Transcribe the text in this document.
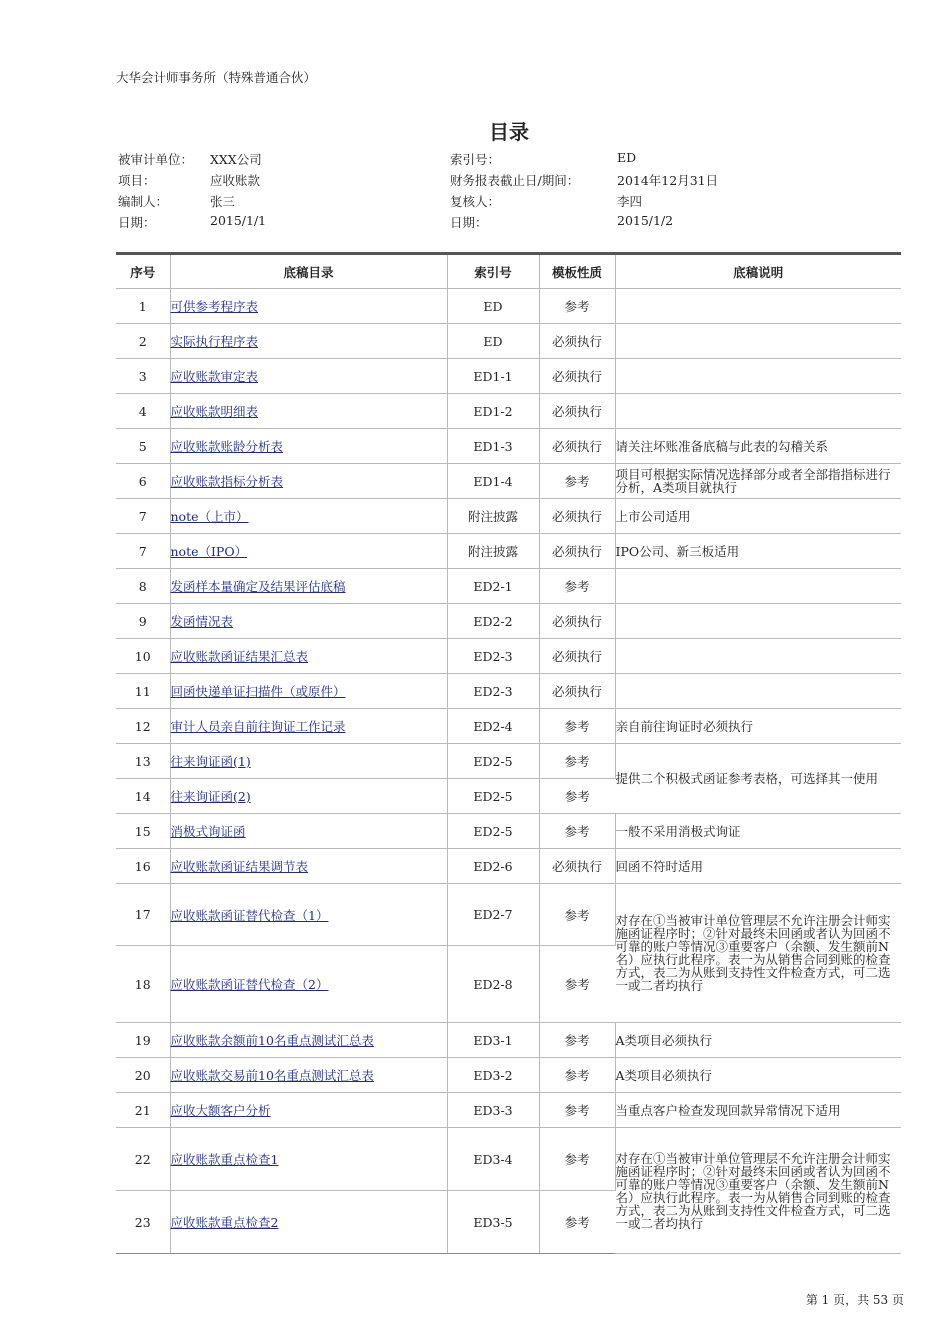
大华会计师事务所（特殊普通合伙）
目录
被审计单位： XXX公司	索引号：	ED
项目：	应收账款	财务报表截止日/期间：	2014年12月31日
编制人：	张三	复核人：	李四
日期：	2015/1/1	日期：	2015/1/2
序号	底稿目录	索引号	模板性质	底稿说明
1	可供参考程序表	ED	参考	
2	实际执行程序表	ED	必须执行	
3	应收账款审定表	ED1-1	必须执行	
4	应收账款明细表	ED1-2	必须执行	
5	应收账款账龄分析表	ED1-3	必须执行	请关注坏账准备底稿与此表的勾稽关系
6	应收账款指标分析表	ED1-4	参考	项目可根据实际情况选择部分或者全部指指标进行分析，A类项目就执行
7	note（上市）	附注披露	必须执行	上市公司适用
7	note（IPO）	附注披露	必须执行	IPO公司、新三板适用
8	发函样本量确定及结果评估底稿	ED2-1	参考	
9	发函情况表	ED2-2	必须执行	
10	应收账款函证结果汇总表	ED2-3	必须执行	
11	回函快递单证扫描件（或原件）	ED2-3	必须执行	
12	审计人员亲自前往询证工作记录	ED2-4	参考	亲自前往询证时必须执行
13	往来询证函(1)	ED2-5	参考	提供二个积极式函证参考表格，可选择其一使用
14	往来询证函(2)	ED2-5	参考	
15	消极式询证函	ED2-5	参考	一般不采用消极式询证
16	应收账款函证结果调节表	ED2-6	必须执行	回函不符时适用
17	应收账款函证替代检查（1）	ED2-7	参考	对存在①当被审计单位管理层不允许注册会计师实施函证程序时；②针对最终未回函或者认为回函不可靠的账户等情况③重要客户（余额、发生额前N名）应执行此程序。表一为从销售合同到账的检查方式，表二为从账到支持性文件检查方式，可二选一或二者均执行
18	应收账款函证替代检查（2）	ED2-8	参考	
19	应收账款余额前10名重点测试汇总表	ED3-1	参考	A类项目必须执行
20	应收账款交易前10名重点测试汇总表	ED3-2	参考	A类项目必须执行
21	应收大额客户分析	ED3-3	参考	当重点客户检查发现回款异常情况下适用
22	应收账款重点检查1	ED3-4	参考	对存在①当被审计单位管理层不允许注册会计师实施函证程序时；②针对最终未回函或者认为回函不可靠的账户等情况③重要客户（余额、发生额前N名）应执行此程序。表一为从销售合同到账的检查方式，表二为从账到支持性文件检查方式，可二选一或二者均执行
23	应收账款重点检查2	ED3-5	参考	
第 1 页，共 53 页
